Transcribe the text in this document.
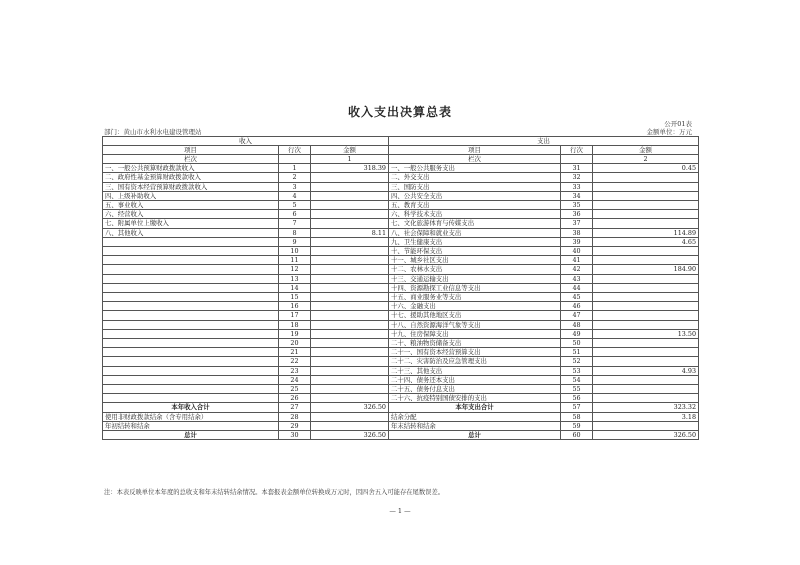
收入支出决算总表
公开01表
部门：黄山市水利水电建设管理站	金额单位：万元
收入			支出		
项目	行次	金额	项目	行次	金额
栏次		1	栏次		2
一、一般公共预算财政拨款收入	1	318.39	一、一般公共服务支出	31	0.45
二、政府性基金预算财政拨款收入	2		二、外交支出	32	
三、国有资本经营预算财政拨款收入	3		三、国防支出	33	
四、上级补助收入	4		四、公共安全支出	34	
五、事业收入	5		五、教育支出	35	
六、经营收入	6		六、科学技术支出	36	
七、附属单位上缴收入	7		七、文化旅游体育与传媒支出	37	
八、其他收入	8	8.11	八、社会保障和就业支出	38	114.89
	9		九、卫生健康支出	39	4.65
	10		十、节能环保支出	40	
	11		十一、城乡社区支出	41	
	12		十二、农林水支出	42	184.90
	13		十三、交通运输支出	43	
	14		十四、资源勘探工业信息等支出	44	
	15		十五、商业服务业等支出	45	
	16		十六、金融支出	46	
	17		十七、援助其他地区支出	47	
	18		十八、自然资源海洋气象等支出	48	
	19		十九、住房保障支出	49	13.50
	20		二十、粮油物资储备支出	50	
	21		二十一、国有资本经营预算支出	51	
	22		二十二、灾害防治及应急管理支出	52	
	23		二十三、其他支出	53	4.93
	24		二十四、债务还本支出	54	
	25		二十五、债务付息支出	55	
	26		二十六、抗疫特别国债安排的支出	56	
本年收入合计	27	326.50	本年支出合计	57	323.32
使用非财政拨款结余（含专用结余）	28		结余分配	58	3.18
年初结转和结余	29		年末结转和结余	59	
总计	30	326.50	总计	60	326.50
注：本表反映单位本年度的总收支和年末结转结余情况。本套报表金额单位转换成万元时，因四舍五入可能存在尾数误差。
— 1 —
